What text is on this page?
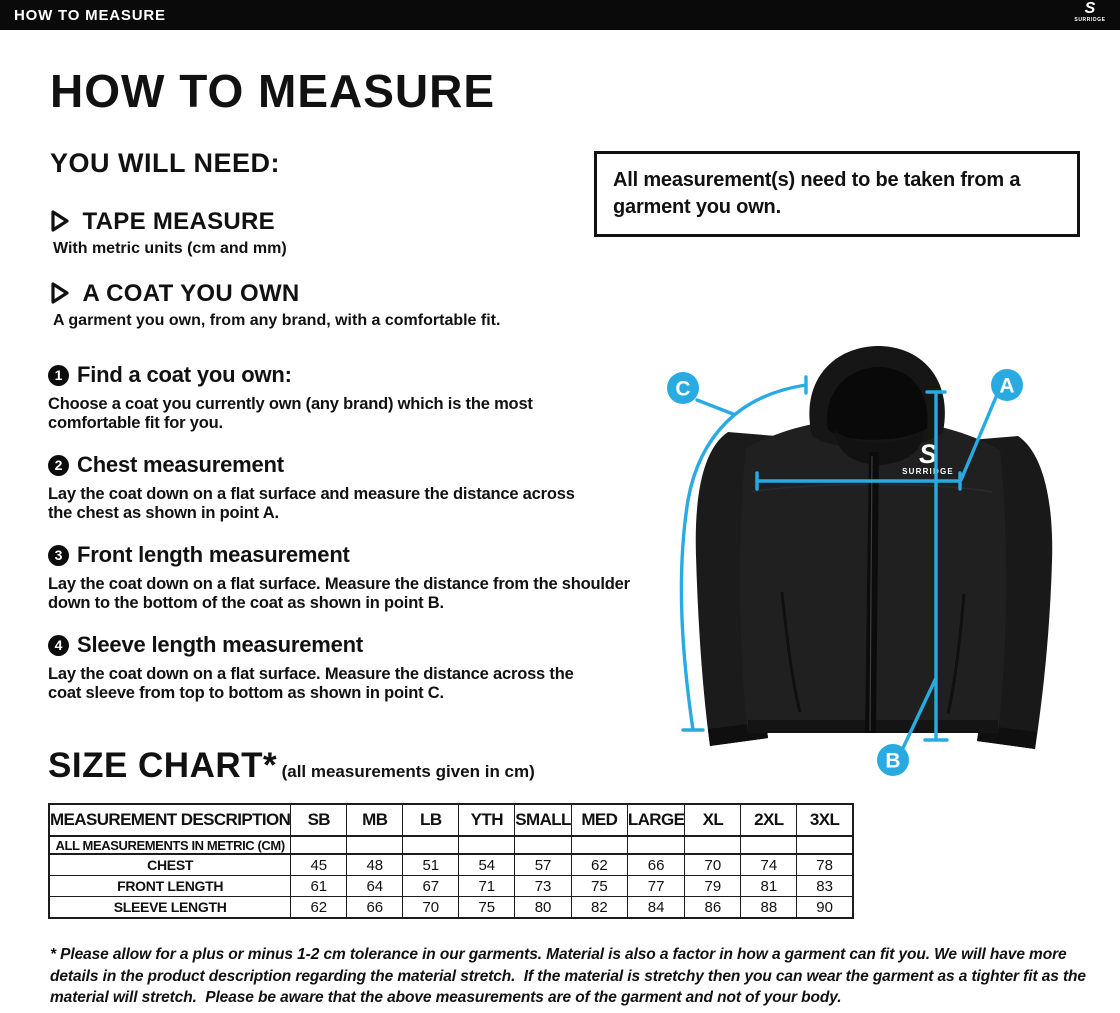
HOW TO MEASURE	S
SURRIDGE
HOW TO MEASURE
YOU WILL NEED:
TAPE MEASURE
With metric units (cm and mm)
A COAT YOU OWN
A garment you own, from any brand, with a comfortable fit.
All measurement(s) need to be taken from a garment you own.
1 Find a coat you own:

Choose a coat you currently own (any brand) which is the most comfortable fit for you.

2 Chest measurement

Lay the coat down on a flat surface and measure the distance across the chest as shown in point A.

3 Front length measurement

Lay the coat down on a flat surface. Measure the distance from the shoulder down to the bottom of the coat as shown in point B.

4 Sleeve length measurement

Lay the coat down on a flat surface. Measure the distance across the coat sleeve from top to bottom as shown in point C.

S
SURRIDGE
A
B
C
SIZE CHART* (all measurements given in cm)
MEASUREMENT DESCRIPTION	SB	MB	LB	YTH	SMALL	MED	LARGE	XL	2XL	3XL
ALL MEASUREMENTS IN METRIC (CM)										
CHEST	45	48	51	54	57	62	66	70	74	78
FRONT LENGTH	61	64	67	71	73	75	77	79	81	83
SLEEVE LENGTH	62	66	70	75	80	82	84	86	88	90
* Please allow for a plus or minus 1-2 cm tolerance in our garments. Material is also a factor in how a garment can fit you. We will have more details in the product description regarding the material stretch.  If the material is stretchy then you can wear the garment as a tighter fit as the material will stretch.  Please be aware that the above measurements are of the garment and not of your body.
